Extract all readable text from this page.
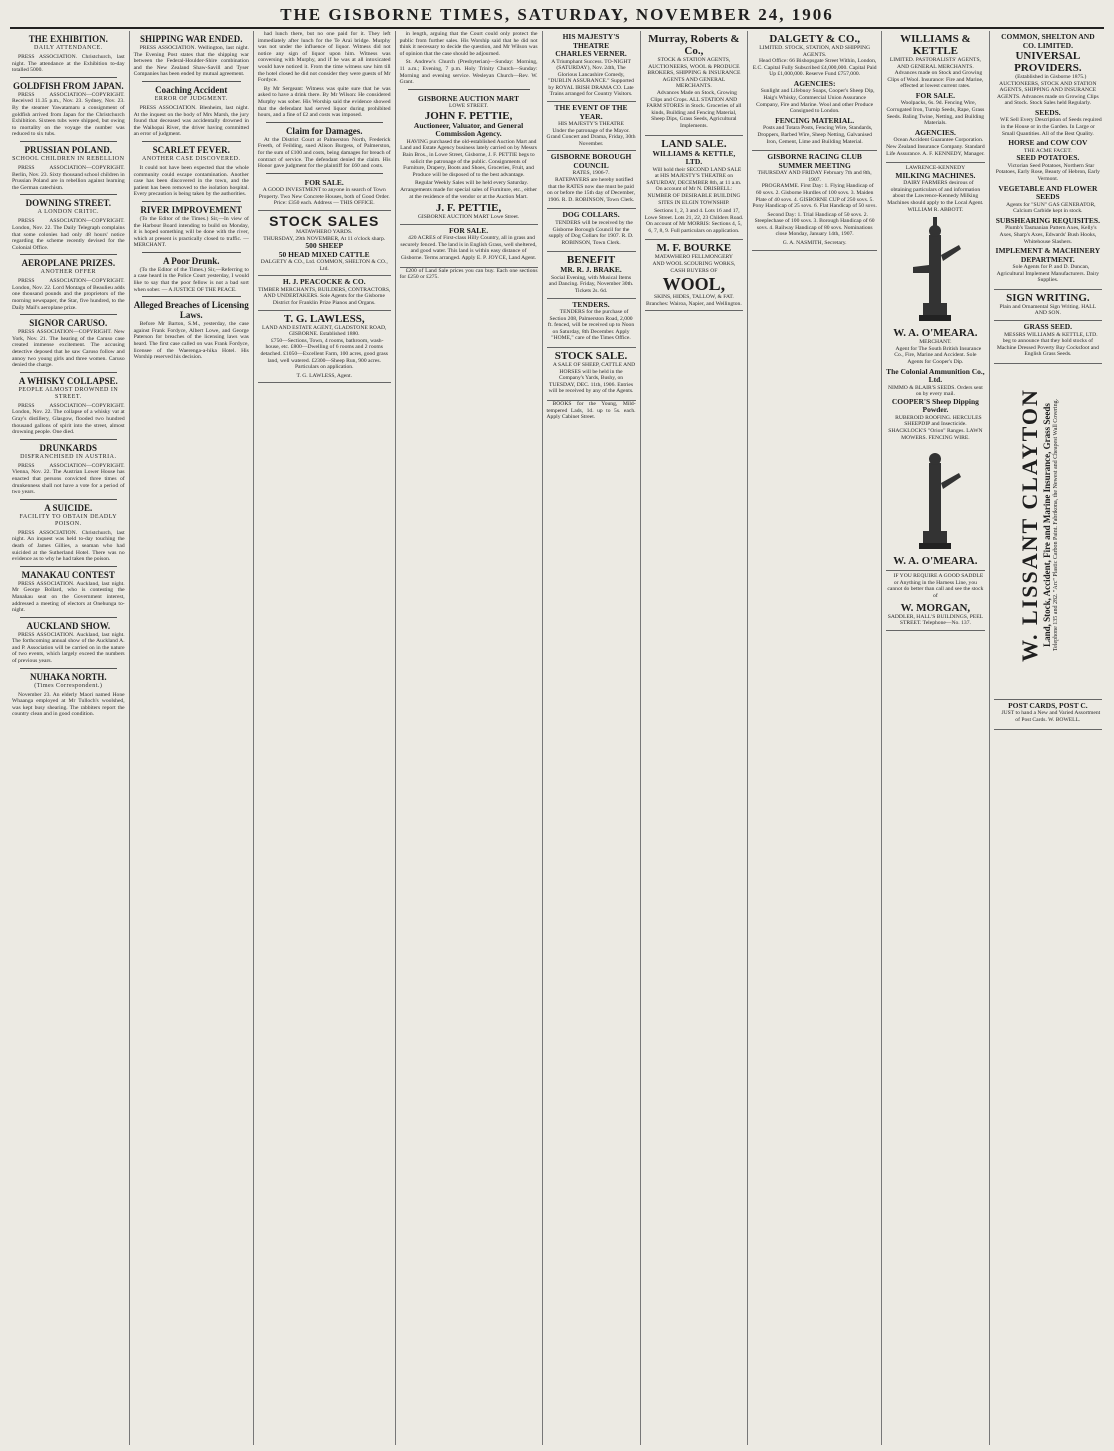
THE GISBORNE TIMES, SATURDAY, NOVEMBER 24, 1906
THE EXHIBITION.
DAILY ATTENDANCE.

PRESS ASSOCIATION. Christchurch, last night. The attendance at the Exhibition to-day totalled 5000.

GOLDFISH FROM JAPAN.

PRESS ASSOCIATION—COPYRIGHT. Received 11.35 p.m., Nov. 23. Sydney, Nov. 23. By the steamer Yawatamaru a consignment of goldfish arrived from Japan for the Christchurch Exhibition. Sixteen tubs were shipped, but owing to mortality on the voyage the number was reduced to six tubs.

PRUSSIAN POLAND.
SCHOOL CHILDREN IN REBELLION

PRESS ASSOCIATION—COPYRIGHT. Berlin, Nov. 23. Sixty thousand school children in Prussian Poland are in rebellion against learning the German catechism.

DOWNING STREET.
A LONDON CRITIC.

PRESS ASSOCIATION—COPYRIGHT. London, Nov. 22. The Daily Telegraph complains that some colonies had only 48 hours' notice regarding the scheme recently devised for the Colonial Office.

AEROPLANE PRIZES.
ANOTHER OFFER

PRESS ASSOCIATION—COPYRIGHT. London, Nov. 22. Lord Montagu of Beaulieu adds one thousand pounds and the proprietors of the morning newspaper, the Star, five hundred, to the Daily Mail's aeroplane prize.

SIGNOR CARUSO.

PRESS ASSOCIATION—COPYRIGHT. New York, Nov. 21. The hearing of the Caruso case created immense excitement. The accusing detective deposed that he saw Caruso follow and annoy two young girls and three women. Caruso denied the charge.

A WHISKY COLLAPSE.
PEOPLE ALMOST DROWNED IN STREET.

PRESS ASSOCIATION—COPYRIGHT. London, Nov. 22. The collapse of a whisky vat at Gray's distillery, Glasgow, flooded two hundred thousand gallons of spirit into the street, almost drowning people. One died.

DRUNKARDS
DISFRANCHISED IN AUSTRIA.

PRESS ASSOCIATION—COPYRIGHT. Vienna, Nov. 22. The Austrian Lower House has enacted that persons convicted three times of drunkenness shall not have a vote for a period of two years.

A SUICIDE.
FACILITY TO OBTAIN DEADLY POISON.

PRESS ASSOCIATION. Christchurch, last night. An inquest was held to-day touching the death of James Gillies, a seaman who had suicided at the Sutherland Hotel. There was no evidence as to why he had taken the poison.

MANAKAU CONTEST

PRESS ASSOCIATION. Auckland, last night. Mr George Bollard, who is contesting the Manakau seat on the Government interest, addressed a meeting of electors at Onehunga to-night.

AUCKLAND SHOW.

PRESS ASSOCIATION. Auckland, last night. The forthcoming annual show of the Auckland A. and P. Association will be carried on in the nature of two events, which largely exceed the numbers of previous years.

NUHAKA NORTH.
(Times Correspondent.)

November 23. An elderly Maori named Hone Whaanga employed at Mr Tulloch's woolshed, was kept busy shearing. The rabbiters report the country clean and in good condition.

SHIPPING WAR ENDED.

PRESS ASSOCIATION. Wellington, last night. The Evening Post states that the shipping war between the Federal-Houlder-Shire combination and the New Zealand Shaw-Savill and Tyser Companies has been ended by mutual agreement.

Coaching Accident
ERROR OF JUDGMENT.

PRESS ASSOCIATION. Blenheim, last night. At the inquest on the body of Mrs Marsh, the jury found that deceased was accidentally drowned in the Waihopai River, the driver having committed an error of judgment.

SCARLET FEVER.
ANOTHER CASE DISCOVERED.

It could not have been expected that the whole community could escape contamination. Another case has been discovered in the town, and the patient has been removed to the isolation hospital. Every precaution is being taken by the authorities.

RIVER IMPROVEMENT

(To the Editor of the Times.) Sir,—In view of the Harbour Board intending to build on Monday, it is hoped something will be done with the river, which at present is practically closed to traffic. — MERCHANT.

A Poor Drunk.

(To the Editor of the Times.) Sir,—Referring to a case heard in the Police Court yesterday, I would like to say that the poor fellow is not a bad sort when sober. — A JUSTICE OF THE PEACE.

Alleged Breaches of Licensing Laws.

Before Mr Barton, S.M., yesterday, the case against Frank Fordyce, Albert Lowe, and George Paterson for breaches of the licensing laws was heard. The first case called on was Frank Fordyce, licensee of the Waerenga-a-hika Hotel. His Worship reserved his decision.

had lunch there, but no one paid for it. They left immediately after lunch for the Te Arai bridge. Murphy was not under the influence of liquor. Witness did not notice any sign of liquor upon him. Witness was conversing with Murphy, and if he was at all intoxicated would have noticed it. From the time witness saw him till the hotel closed he did not consider they were guests of Mr Fordyce.

By Mr Sergeant: Witness was quite sure that he was asked to have a drink there. By Mr Wilson: He considered Murphy was sober. His Worship said the evidence showed that the defendant had served liquor during prohibited hours, and a fine of £2 and costs was imposed.

Claim for Damages.

At the District Court at Palmerston North, Frederick Freeth, of Feilding, sued Alison Burgess, of Palmerston, for the sum of £100 and costs, being damages for breach of contract of service. The defendant denied the claim. His Honor gave judgment for the plaintiff for £60 and costs.

FOR SALE.
A GOOD INVESTMENT to anyone in search of Town Property. Two New Concrete Houses, both of Good Order. Price: £350 each. Address — THIS OFFICE.
STOCK SALES
MATAWHERO YARDS.
THURSDAY, 29th NOVEMBER, At 11 o'clock sharp.
500 SHEEP
50 HEAD MIXED CATTLE
DALGETY & CO., Ltd. COMMON, SHELTON & CO., Ltd.
H. J. PEACOCKE & CO.
TIMBER MERCHANTS, BUILDERS, CONTRACTORS, AND UNDERTAKERS. Sole Agents for the Gisborne District for Franklin Prize Pianos and Organs.
T. G. LAWLESS,
LAND AND ESTATE AGENT, GLADSTONE ROAD, GISBORNE. Established 1880.

£750—Sections, Town, 4 rooms, bathroom, wash-house, etc. £800—Dwelling of 6 rooms and 2 rooms detached. £1050—Excellent Farm, 100 acres, good grass land, well watered. £2300—Sheep Run, 900 acres. Particulars on application.

T. G. LAWLESS, Agent.

in length, arguing that the Court could only protect the public from further sales. His Worship said that he did not think it necessary to decide the question, and Mr Wilson was of opinion that the case should be adjourned.

St. Andrew's Church (Presbyterian)—Sunday: Morning, 11 a.m.; Evening, 7 p.m. Holy Trinity Church—Sunday: Morning and evening service. Wesleyan Church—Rev. W. Grant.

GISBORNE AUCTION MART
LOWE STREET.
JOHN F. PETTIE,
Auctioneer, Valuator, and General Commission Agency.

HAVING purchased the old-established Auction Mart and Land and Estate Agency business lately carried on by Messrs Bain Bros., in Lowe Street, Gisborne, J. F. PETTIE begs to solicit the patronage of the public. Consignments of Furniture, Drapery, Boots and Shoes, Groceries, Fruit, and Produce will be disposed of to the best advantage.

Regular Weekly Sales will be held every Saturday. Arrangements made for special sales of Furniture, etc., either at the residence of the vendor or at the Auction Mart.

J. F. PETTIE,
GISBORNE AUCTION MART Lowe Street.
FOR SALE.

420 ACRES of First-class Hilly Country, all in grass and securely fenced. The land is in English Grass, well sheltered, and good water. This land is within easy distance of Gisborne. Terms arranged. Apply E. P. JOYCE, Land Agent.

£200 of Land Sale prices you can buy. Each one sections for £250 or £275.

HIS MAJESTY'S THEATRE
CHARLES VERNER.
A Triumphant Success. TO-NIGHT (SATURDAY), Nov. 24th, The Glorious Lancashire Comedy, "DUBLIN ASSURANCE." Supported by ROYAL IRISH DRAMA CO. Late Trains arranged for Country Visitors.
THE EVENT OF THE YEAR.
HIS MAJESTY'S THEATRE
Under the patronage of the Mayor. Grand Concert and Drama, Friday, 30th November.
GISBORNE BOROUGH COUNCIL
RATES, 1906-7.

RATEPAYERS are hereby notified that the RATES now due must be paid on or before the 15th day of December, 1906. R. D. ROBINSON, Town Clerk.

DOG COLLARS.

TENDERS will be received by the Gisborne Borough Council for the supply of Dog Collars for 1907. R. D. ROBINSON, Town Clerk.

BENEFIT
MR. R. J. BRAKE.
Social Evening, with Musical Items and Dancing. Friday, November 30th. Tickets 2s. 6d.
TENDERS.

TENDERS for the purchase of Section 208, Palmerston Road, 2,000 ft. fenced, will be received up to Noon on Saturday, 8th December. Apply "HOME," care of the Times Office.

STOCK SALE.

A SALE OF SHEEP, CATTLE AND HORSES will be held in the Company's Yards, Bushy, on TUESDAY, DEC. 11th, 1906. Entries will be received by any of the Agents.

BOOKS for the Young, Mild-tempered Lads, 1d. up to 5s. each. Apply Cabinet Street.

Murray, Roberts & Co.,
STOCK & STATION AGENTS, AUCTIONEERS, WOOL & PRODUCE BROKERS, SHIPPING & INSURANCE AGENTS AND GENERAL MERCHANTS.

Advances Made on Stock, Growing Clips and Crops. ALL STATION AND FARM STORES in Stock. Groceries of all kinds, Building and Fencing Material, Sheep Dips, Grass Seeds, Agricultural Implements.

LAND SALE.
WILLIAMS & KETTLE, LTD.

Will hold their SECOND LAND SALE at HIS MAJESTY'S THEATRE on SATURDAY, DECEMBER 8th, at 11 a.m. On account of Mr N. DRISBELL: NUMBER OF DESIRABLE BUILDING SITES IN ELGIN TOWNSHIP.

Sections 1, 2, 3 and 4. Lots 16 and 17, Lowe Street. Lots 21, 22, 23 Childers Road. On account of Mr MORRIS: Sections 4, 5, 6, 7, 8, 9. Full particulars on application.

M. F. BOURKE
MATAWHERO FELLMONGERY
AND WOOL SCOURING WORKS, CASH BUYERS OF
WOOL,
SKINS, HIDES, TALLOW, & FAT. Branches: Wairoa, Napier, and Wellington.
DALGETY & CO.,
LIMITED. STOCK, STATION, AND SHIPPING AGENTS.

Head Office: 66 Bishopsgate Street Within, London, E.C. Capital Fully Subscribed £4,000,000. Capital Paid Up £1,000,000. Reserve Fund £757,000.

AGENCIES:

Sunlight and Lifebuoy Soaps, Cooper's Sheep Dip, Haig's Whisky, Commercial Union Assurance Company, Fire and Marine. Wool and other Produce Consigned to London.

FENCING MATERIAL.

Posts and Totara Posts, Fencing Wire, Standards, Droppers, Barbed Wire, Sheep Netting, Galvanised Iron, Cement, Lime and Building Material.

GISBORNE RACING CLUB
SUMMER MEETING
THURSDAY AND FRIDAY February 7th and 8th, 1907.

PROGRAMME. First Day: 1. Flying Handicap of 60 sovs. 2. Gisborne Hurdles of 100 sovs. 3. Maiden Plate of 40 sovs. 4. GISBORNE CUP of 250 sovs. 5. Pony Handicap of 25 sovs. 6. Flat Handicap of 50 sovs.

Second Day: 1. Trial Handicap of 50 sovs. 2. Steeplechase of 100 sovs. 3. Borough Handicap of 60 sovs. 4. Railway Handicap of 80 sovs. Nominations close Monday, January 14th, 1907.

G. A. NASMITH, Secretary.
WILLIAMS & KETTLE
LIMITED. PASTORALISTS' AGENTS, AND GENERAL MERCHANTS.

Advances made on Stock and Growing Clips of Wool. Insurance: Fire and Marine, effected at lowest current rates.

FOR SALE.

Woolpacks, 6s. 9d. Fencing Wire, Corrugated Iron, Turnip Seeds, Rape, Grass Seeds. Baling Twine, Netting, and Building Materials.

AGENCIES.

Ocean Accident Guarantee Corporation. New Zealand Insurance Company. Standard Life Assurance. A. F. KENNEDY, Manager.

LAWRENCE-KENNEDY
MILKING MACHINES.

DAIRY FARMERS desirous of obtaining particulars of and information about the Lawrence-Kennedy Milking Machines should apply to the Local Agent. WILLIAM R. ABBOTT.

W. A. O'MEARA.
MERCHANT.

Agent for The South British Insurance Co., Fire, Marine and Accident. Sole Agents for Cooper's Dip.

The Colonial Ammunition Co., Ltd.
NIMMO & BLAIR'S SEEDS. Orders sent on by every mail.
COOPER'S Sheep Dipping Powder.

RUBEROID ROOFING. HERCULES SHEEPDIP and Insecticide. SHACKLOCK'S "Orion" Ranges. LAWN MOWERS. FENCING WIRE.

W. A. O'MEARA.

IF YOU REQUIRE A GOOD SADDLE or Anything in the Harness Line, you cannot do better than call and see the stock of

W. MORGAN,
SADDLER, HALL'S BUILDINGS, PEEL STREET. Telephone—No. 137.
COMMON, SHELTON AND CO. LIMITED.
UNIVERSAL PROVIDERS.

(Established in Gisborne 1875.) AUCTIONEERS, STOCK AND STATION AGENTS, SHIPPING AND INSURANCE AGENTS. Advances made on Growing Clips and Stock. Stock Sales held Regularly.

SEEDS.

WE Sell Every Description of Seeds required in the House or in the Garden. In Large or Small Quantities. All of the Best Quality.

HORSE and COW COV
THE ACME FACET.
SEED POTATOES.

Victorian Seed Potatoes, Northern Star Potatoes, Early Rose, Beauty of Hebron, Early Vermont.

VEGETABLE AND FLOWER SEEDS

Agents for "SUN" GAS GENERATOR, Calcium Carbide kept in stock.

SUBSHEARING REQUISITES.

Plumb's Tasmanian Pattern Axes, Kelly's Axes, Sharp's Axes, Edwards' Bush Hooks, Whitehouse Slashers.

IMPLEMENT & MACHINERY DEPARTMENT.

Sole Agents for P. and D. Duncan, Agricultural Implement Manufacturers. Dairy Supplies.

SIGN WRITING.
Plain and Ornamental Sign Writing. HALL AND SON.
GRASS SEED.

MESSRS WILLIAMS & KETTLE, LTD. beg to announce that they hold stocks of Machine Dressed Poverty Bay Cocksfoot and English Grass Seeds.

W. LISSANT CLAYTON Land, Stock, Accident, Fire and Marine Insurance, Grass Seeds Telephone 135 and 282. "Arc" Plastic Carbon Paint. Fabrikona, the Newest and Cheapest Wall Covering.
POST CARDS, POST C.

JUST to hand a New and Varied Assortment of Post Cards. W. BOWELL.
